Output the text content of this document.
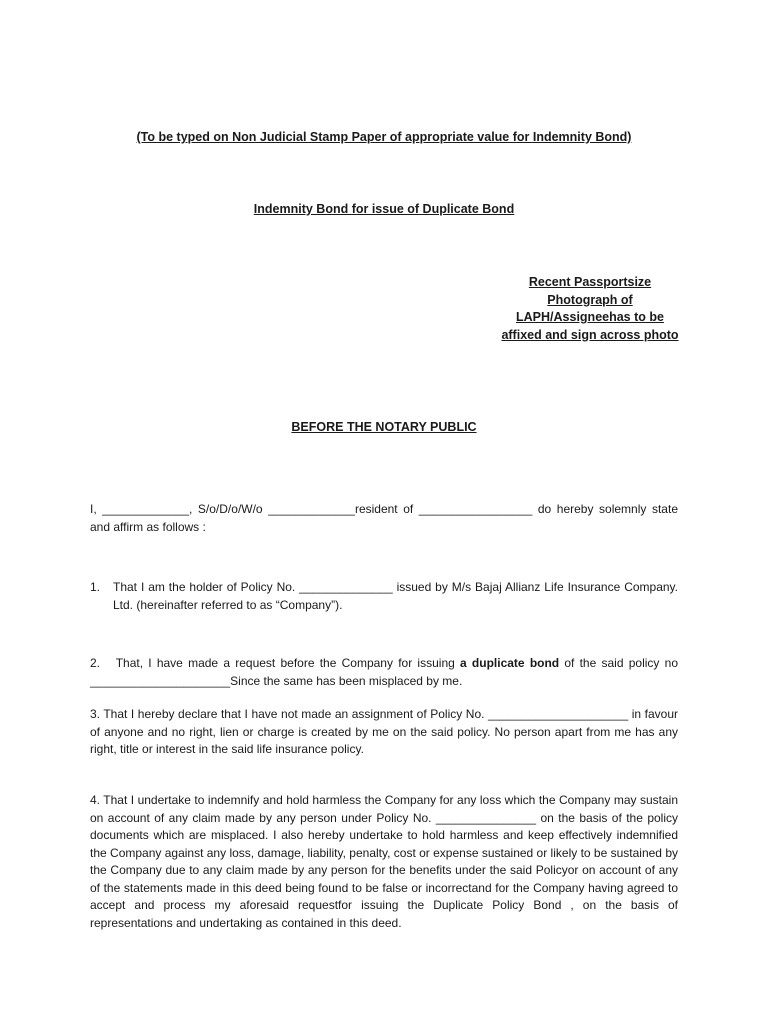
(To be typed on Non Judicial Stamp Paper of appropriate value for Indemnity Bond)
Indemnity Bond for issue of Duplicate Bond
Recent Passportsize
Photograph of
LAPH/Assigneehas to be
affixed and sign across photo
BEFORE THE NOTARY PUBLIC
I, _____________, S/o/D/o/W/o _____________resident of _________________ do hereby solemnly state and affirm as follows :
1.	That I am the holder of Policy No. ______________ issued by M/s Bajaj Allianz Life Insurance Company. Ltd. (hereinafter referred to as “Company”).
2. That, I have made a request before the Company for issuing a duplicate bond of the said policy no _____________________Since the same has been misplaced by me.
3. That I hereby declare that I have not made an assignment of Policy No. _____________________ in favour of anyone and no right, lien or charge is created by me on the said policy. No person apart from me has any right, title or interest in the said life insurance policy.
4. That I undertake to indemnify and hold harmless the Company for any loss which the Company may sustain on account of any claim made by any person under Policy No. _______________ on the basis of the policy documents which are misplaced. I also hereby undertake to hold harmless and keep effectively indemnified the Company against any loss, damage, liability, penalty, cost or expense sustained or likely to be sustained by the Company due to any claim made by any person for the benefits under the said Policyor on account of any of the statements made in this deed being found to be false or incorrectand for the Company having agreed to accept and process my aforesaid requestfor issuing the Duplicate Policy Bond , on the basis of representations and undertaking as contained in this deed.
